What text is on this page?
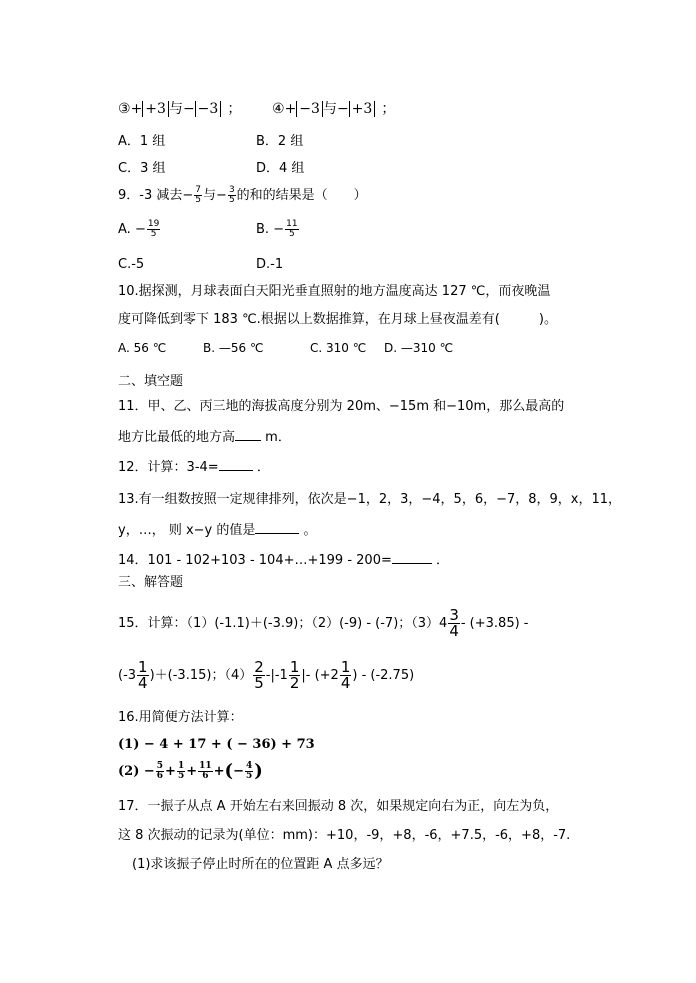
③+ +3 与− −3 ； ④+ −3 与− +3 ；
A．1 组	B．2 组
C．3 组	D．4 组
9．-3 减去− $\frac{7}{5}$ 与− $\frac{3}{5}$ 的和的结果是（　　）
A. − $\frac{19}{5}$	B. − $\frac{11}{5}$
C.-5	D.-1
10.据探测，月球表面白天阳光垂直照射的地方温度高达 127 ℃，而夜晚温
度可降低到零下 183 ℃.根据以上数据推算，在月球上昼夜温差有(　　　)。
A. 56 ℃	B. —56 ℃	C. 310 ℃ D. —310 ℃
二、填空题
11．甲、乙、丙三地的海拔高度分别为 20m、−15m 和−10m，那么最高的
地方比最低的地方高 m．
12．计算：3-4=	．
13.有一组数按照一定规律排列，依次是−1，2，3，−4，5，6，−7，8，9，x，11，
y，…， 则 x−y 的值是	。
14．101 - 102+103 - 104+…+199 - 200=	．
三、解答题
15．计算：（1）(-1.1)＋(-3.9)；（2）(-9) - (-7)；$(3)4 \frac{3}{4} - (+3.85)$ -
$(-3 \frac{1}{4} )+(-3.15)$；$(4) \frac{2}{5} -|-1 \frac{1}{2}$ |- ($+2 \frac{1}{4}$ ) - (-2.75)
16.用简便方法计算：
(1) − 4 + 17 + ( − 36) + 73
$(2) - \frac{5}{6} + \frac{1}{5} + \frac{11}{6}$ +(− $\frac{4}{5}$ )
17．一振子从点 A 开始左右来回振动 8 次，如果规定向右为正，向左为负，
这 8 次振动的记录为(单位：mm)：+10，-9，+8，-6，+7.5，-6，+8，-7.
(1)求该振子停止时所在的位置距 A 点多远？
